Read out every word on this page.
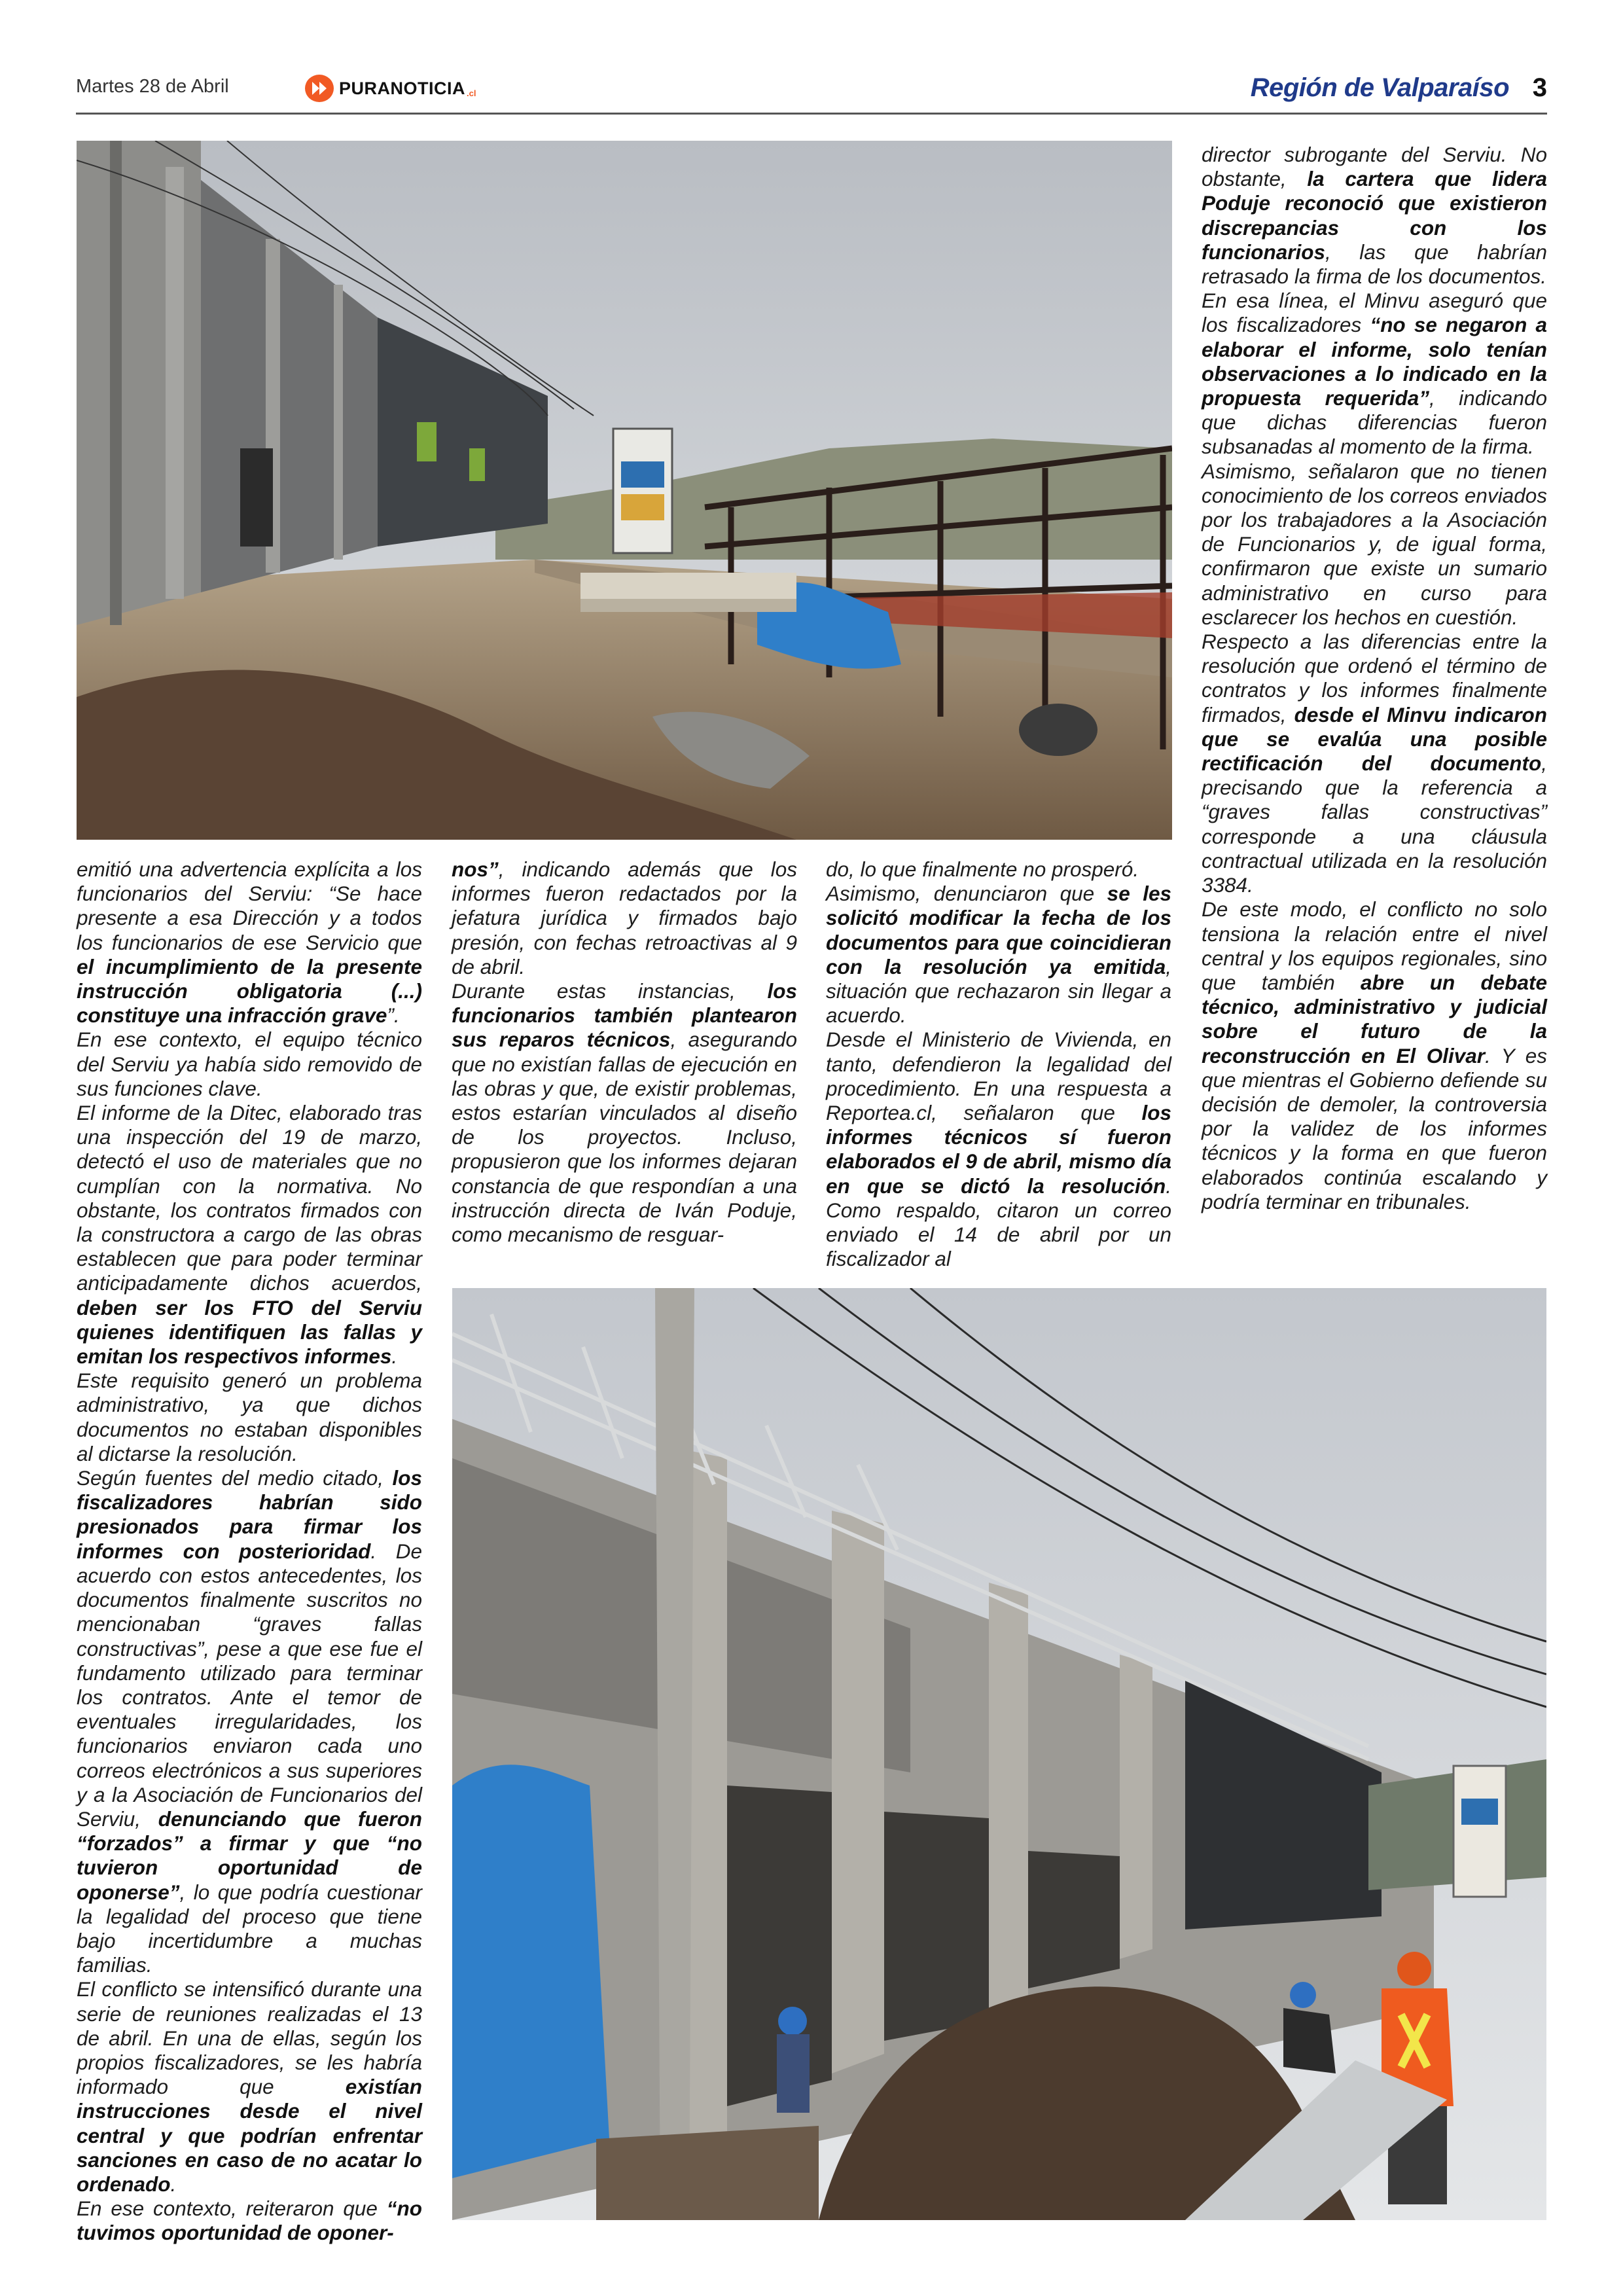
Martes 28 de Abril	PURANOTICIA .cl	Región de Valparaíso 3

emitió una advertencia explícita a los funcionarios del Serviu: “Se hace presente a esa Dirección y a todos los funcionarios de ese Servicio que el incumplimiento de la presente instrucción obligatoria (...) constituye una infracción grave”.

En ese contexto, el equipo técnico del Serviu ya había sido removido de sus funciones clave.

El informe de la Ditec, elaborado tras una inspección del 19 de marzo, detectó el uso de materiales que no cumplían con la normativa. No obstante, los contratos firmados con la constructora a cargo de las obras establecen que para poder terminar anticipadamente dichos acuerdos, deben ser los FTO del Serviu quienes identifiquen las fallas y emitan los respectivos informes.

Este requisito generó un problema administrativo, ya que dichos documentos no estaban disponibles al dictarse la resolución.

Según fuentes del medio citado, los fiscalizadores habrían sido presionados para firmar los informes con posterioridad. De acuerdo con estos antecedentes, los documentos finalmente suscritos no mencionaban “graves fallas constructivas”, pese a que ese fue el fundamento utilizado para terminar los contratos. Ante el temor de eventuales irregularidades, los funcionarios enviaron cada uno correos electrónicos a sus superiores y a la Asociación de Funcionarios del Serviu, denunciando que fueron “forzados” a firmar y que “no tuvieron oportunidad de oponerse”, lo que podría cuestionar la legalidad del proceso que tiene bajo incertidumbre a muchas familias.

El conflicto se intensificó durante una serie de reuniones realizadas el 13 de abril. En una de ellas, según los propios fiscalizadores, se les habría informado que existían instrucciones desde el nivel central y que podrían enfrentar sanciones en caso de no acatar lo ordenado.

En ese contexto, reiteraron que “no tuvimos oportunidad de oponer-

nos”, indicando además que los informes fueron redactados por la jefatura jurídica y firmados bajo presión, con fechas retroactivas al 9 de abril.

Durante estas instancias, los funcionarios también plantearon sus reparos técnicos, asegurando que no existían fallas de ejecución en las obras y que, de existir problemas, estos estarían vinculados al diseño de los proyectos. Incluso, propusieron que los informes dejaran constancia de que respondían a una instrucción directa de Iván Poduje, como mecanismo de resguar-

do, lo que finalmente no prosperó.

Asimismo, denunciaron que se les solicitó modificar la fecha de los documentos para que coincidieran con la resolución ya emitida, situación que rechazaron sin llegar a acuerdo.

Desde el Ministerio de Vivienda, en tanto, defendieron la legalidad del procedimiento. En una respuesta a Reportea.cl, señalaron que los informes técnicos sí fueron elaborados el 9 de abril, mismo día en que se dictó la resolución. Como respaldo, citaron un correo enviado el 14 de abril por un fiscalizador al

director subrogante del Serviu. No obstante, la cartera que lidera Poduje reconoció que existieron discrepancias con los funcionarios, las que habrían retrasado la firma de los documentos.

En esa línea, el Minvu aseguró que los fiscalizadores “no se negaron a elaborar el informe, solo tenían observaciones a lo indicado en la propuesta requerida”, indicando que dichas diferencias fueron subsanadas al momento de la firma.

Asimismo, señalaron que no tienen conocimiento de los correos enviados por los trabajadores a la Asociación de Funcionarios y, de igual forma, confirmaron que existe un sumario administrativo en curso para esclarecer los hechos en cuestión.

Respecto a las diferencias entre la resolución que ordenó el término de contratos y los informes finalmente firmados, desde el Minvu indicaron que se evalúa una posible rectificación del documento, precisando que la referencia a “graves fallas constructivas” corresponde a una cláusula contractual utilizada en la resolución 3384.

De este modo, el conflicto no solo tensiona la relación entre el nivel central y los equipos regionales, sino que también abre un debate técnico, administrativo y judicial sobre el futuro de la reconstrucción en El Olivar. Y es que mientras el Gobierno defiende su decisión de demoler, la controversia por la validez de los informes técnicos y la forma en que fueron elaborados continúa escalando y podría terminar en tribunales.
